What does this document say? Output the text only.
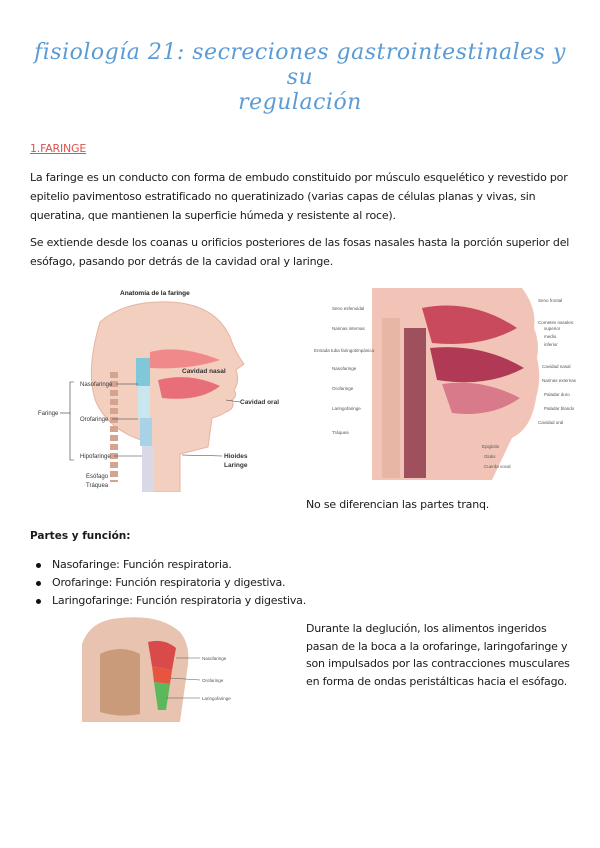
fisiología 21: secreciones gastrointestinales y su
regulación
1.FARINGE

La faringe es un conducto con forma de embudo constituido por músculo esquelético y revestido por epitelio pavimentoso estratificado no queratinizado (varias capas de células planas y vivas, sin queratina, que mantienen la superficie húmeda y resistente al roce).

Se extiende desde los coanas u orificios posteriores de las fosas nasales hasta la porción superior del esófago, pasando por detrás de la cavidad oral y laringe.

Anatomía de la faringe
Nasofaringe
Orofaringe
Hipofaringe
Faringe
Esófago
Tráquea
Cavidad nasal
Cavidad oral
Hioides
Laringe
Seno esfenoidal
Narinas internas
Entrada tuba faringotimpánica
Nasofaringe
Orofaringe
Laringofaringe
Tráquea
Seno frontal
Cornetes nasales:
superior
medio
inferior
Cavidad nasal
Narinas externas
Paladar duro
Paladar blando
Cavidad oral
Epiglotis
Glotis
Cuerda vocal
No se diferencian las partes tranq.
Partes y función:
Nasofaringe: Función respiratoria.
Orofaringe: Función respiratoria y digestiva.
Laringofaringe: Función respiratoria y digestiva.
Nasofaringe
Orofaringe
Laringofaringe

Durante la deglución, los alimentos ingeridos pasan de la boca a la orofaringe, laringofaringe y son impulsados por las contracciones musculares en forma de ondas peristálticas hacia el esófago.
